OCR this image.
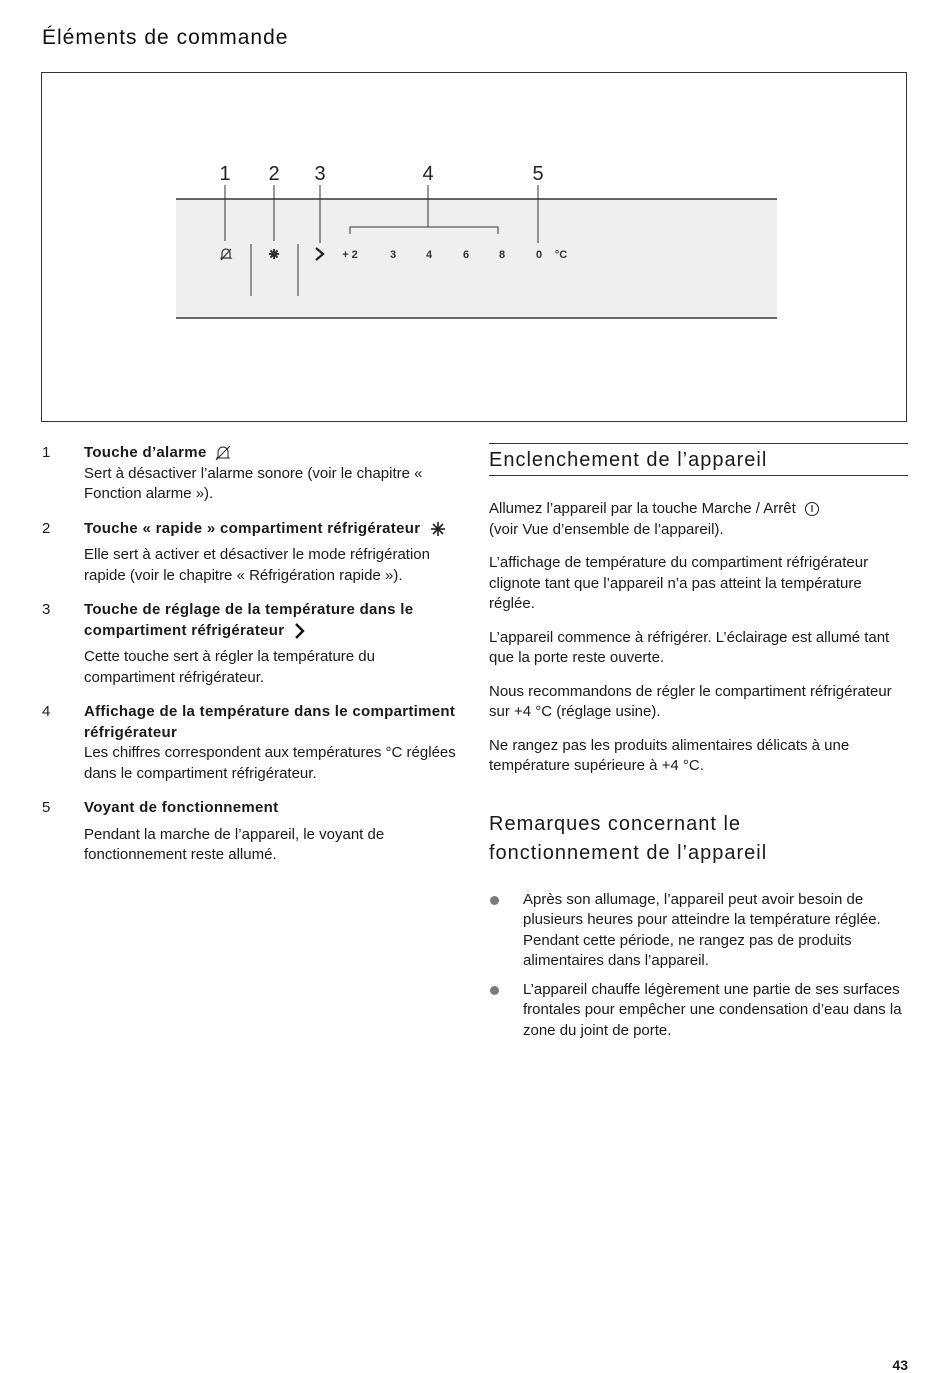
Éléments de commande
1 2 3	4	5
+ 2	3	4	6	8	0 °C
1	Touche d’alarme
Sert à désactiver l’alarme sonore (voir le chapitre « Fonction alarme »).
2	Touche « rapide » compartiment réfrigérateur
Elle sert à activer et désactiver le mode réfrigération rapide (voir le chapitre « Réfrigération rapide »).
3	Touche de réglage de la température dans le compartiment réfrigérateur
Cette touche sert à régler la température du compartiment réfrigérateur.
4	Affichage de la température dans le compartiment réfrigérateur
Les chiffres correspondent aux températures °C réglées dans le compartiment réfrigérateur.
5	Voyant de fonctionnement
Pendant la marche de l’appareil, le voyant de fonctionnement reste allumé.
Enclenchement de l’appareil

Allumez l’appareil par la touche Marche / Arrêt
(voir Vue d’ensemble de l’appareil).

L’affichage de température du compartiment réfrigérateur clignote tant que l’appareil n’a pas atteint la température réglée.

L’appareil commence à réfrigérer. L’éclairage est allumé tant que la porte reste ouverte.

Nous recommandons de régler le compartiment réfrigérateur sur +4 °C (réglage usine).

Ne rangez pas les produits alimentaires délicats à une température supérieure à +4 °C.

Remarques concernant le
fonctionnement de l’appareil
Après son allumage, l’appareil peut avoir besoin de plusieurs heures pour atteindre la température réglée.
Pendant cette période, ne rangez pas de produits alimentaires dans l’appareil.
L’appareil chauffe légèrement une partie de ses surfaces frontales pour empêcher une condensation d’eau dans la zone du joint de porte.
43
